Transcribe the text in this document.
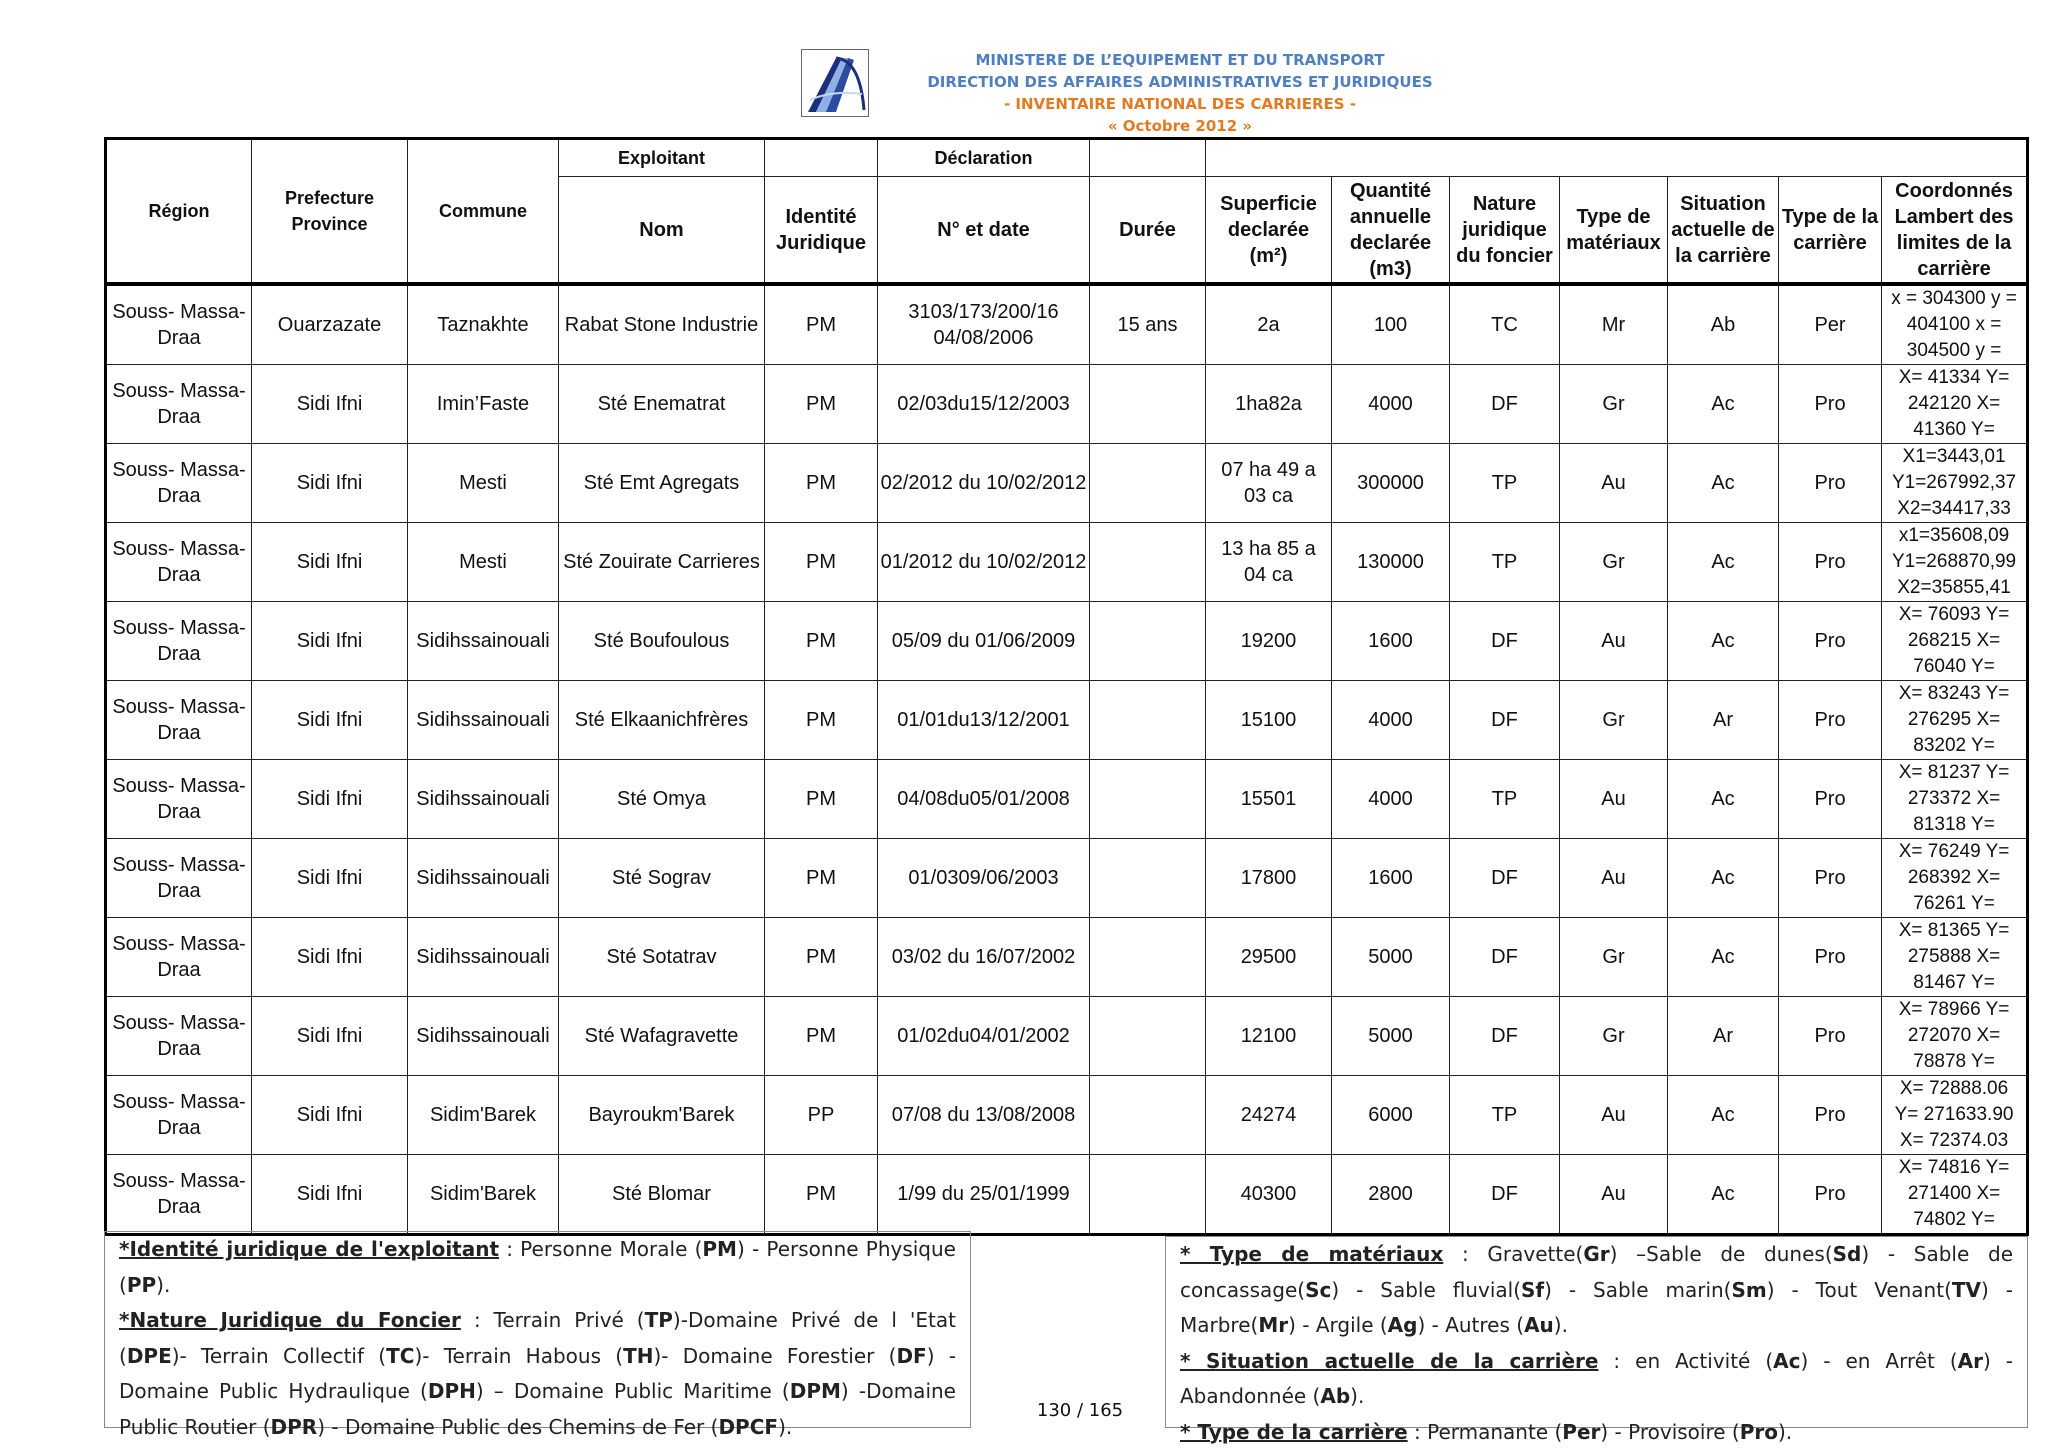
MINISTERE DE L’EQUIPEMENT ET DU TRANSPORT
DIRECTION DES AFFAIRES ADMINISTRATIVES ET JURIDIQUES
- INVENTAIRE NATIONAL DES CARRIERES -
« Octobre 2012 »
Région	Prefecture Province	Commune	Exploitant		Déclaration								
			Nom	Identité Juridique	N° et date	Durée	Superficie declarée (m²)	Quantité annuelle declarée (m3)	Nature juridique du foncier	Type de matériaux	Situation actuelle de la carrière	Type de la carrière	Coordonnés Lambert des limites de la carrière
Souss- Massa-Draa	Ouarzazate	Taznakhte	Rabat Stone Industrie	PM	3103/173/200/16 04/08/2006	15 ans	2a	100	TC	Mr	Ab	Per	x = 304300 y =
404100 x =
304500 y =

Souss- Massa-Draa	Sidi Ifni	Imin’Faste	Sté Enematrat	PM	02/03du15/12/2003		1ha82a	4000	DF	Gr	Ac	Pro	X= 41334 Y=
242120 X=
41360 Y=

Souss- Massa-Draa	Sidi Ifni	Mesti	Sté Emt Agregats	PM	02/2012 du 10/02/2012		07 ha 49 a 03 ca	300000	TP	Au	Ac	Pro	X1=3443,01
Y1=267992,37
X2=34417,33

Souss- Massa-Draa	Sidi Ifni	Mesti	Sté Zouirate Carrieres	PM	01/2012 du 10/02/2012		13 ha 85 a 04 ca	130000	TP	Gr	Ac	Pro	x1=35608,09
Y1=268870,99
X2=35855,41

Souss- Massa-Draa	Sidi Ifni	Sidihssainouali	Sté Boufoulous	PM	05/09 du 01/06/2009		19200	1600	DF	Au	Ac	Pro	X= 76093 Y=
268215 X=
76040 Y=

Souss- Massa-Draa	Sidi Ifni	Sidihssainouali	Sté Elkaanichfrères	PM	01/01du13/12/2001		15100	4000	DF	Gr	Ar	Pro	X= 83243 Y=
276295 X=
83202 Y=

Souss- Massa-Draa	Sidi Ifni	Sidihssainouali	Sté Omya	PM	04/08du05/01/2008		15501	4000	TP	Au	Ac	Pro	X= 81237 Y=
273372 X=
81318 Y=

Souss- Massa-Draa	Sidi Ifni	Sidihssainouali	Sté Sograv	PM	01/0309/06/2003		17800	1600	DF	Au	Ac	Pro	X= 76249 Y=
268392 X=
76261 Y=

Souss- Massa-Draa	Sidi Ifni	Sidihssainouali	Sté Sotatrav	PM	03/02 du 16/07/2002		29500	5000	DF	Gr	Ac	Pro	X= 81365 Y=
275888 X=
81467 Y=

Souss- Massa-Draa	Sidi Ifni	Sidihssainouali	Sté Wafagravette	PM	01/02du04/01/2002		12100	5000	DF	Gr	Ar	Pro	X= 78966 Y=
272070 X=
78878 Y=

Souss- Massa-Draa	Sidi Ifni	Sidim'Barek	Bayroukm'Barek	PP	07/08 du 13/08/2008		24274	6000	TP	Au	Ac	Pro	X= 72888.06
Y= 271633.90
X= 72374.03

Souss- Massa-Draa	Sidi Ifni	Sidim'Barek	Sté Blomar	PM	1/99 du 25/01/1999		40300	2800	DF	Au	Ac	Pro	X= 74816 Y=
271400 X=
74802 Y=

*Identité juridique de l'exploitant : Personne Morale (PM) - Personne Physique (PP).

*Nature Juridique du Foncier : Terrain Privé (TP)-Domaine Privé de l 'Etat (DPE)- Terrain Collectif (TC)- Terrain Habous (TH)- Domaine Forestier (DF) -Domaine Public Hydraulique (DPH) – Domaine Public Maritime (DPM) -Domaine Public Routier (DPR) - Domaine Public des Chemins de Fer (DPCF).

* Type de matériaux : Gravette(Gr) –Sable de dunes(Sd) - Sable de concassage(Sc) - Sable fluvial(Sf) - Sable marin(Sm) - Tout Venant(TV) - Marbre(Mr) - Argile (Ag) - Autres (Au).

* Situation actuelle de la carrière : en Activité (Ac) - en Arrêt (Ar) - Abandonnée (Ab).

* Type de la carrière : Permanante (Per) - Provisoire (Pro).

130 / 165
